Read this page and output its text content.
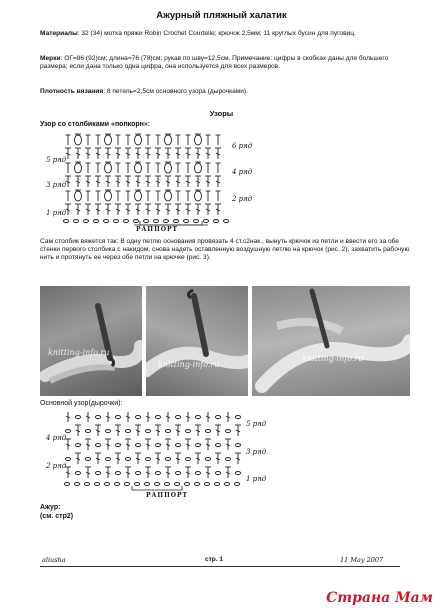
Ажурный пляжный халатик
Материалы: 32 (34) мотка пряжи Robin Crochet Courtelle; крючок 2,5мм; 11 круглых бусин для пуговиц.
Мерки: ОГ=86 (92)см; длина=76 (78)см; рукав по шву=12,5см. Примечание: цифры в скобках даны для большего размера; если дана только одна цифра, она используется для всех размеров.
Плотность вязания: 8 петель=2,5см основного узора (дырочками).
Узоры
Узор со столбиками «попкорн»:
5 ряд
3 ряд
1 ряд
6 ряд
4 ряд
2 ряд
РАППОРТ
Сам столбик вяжется так: В одну петлю основания провязать 4 ст.с2нак., вынуть крючок из петли и ввести его за обе стенки первого столбика с накидом, снова надеть оставленную воздушную петлю на крючок (рис. 2), захватить рабочую нить и протянуть ее через обе петли на крючке (рис. 3).
knitting-info.ru
knitting-info.ru
knitting-info.ru
Основной узор(дырочки):
4 ряд
2 ряд
5 ряд
3 ряд
1 ряд
РАППОРТ
Ажур:
(см. стр2)
aliusha	стр. 1	11 May 2007
Страна Мам
